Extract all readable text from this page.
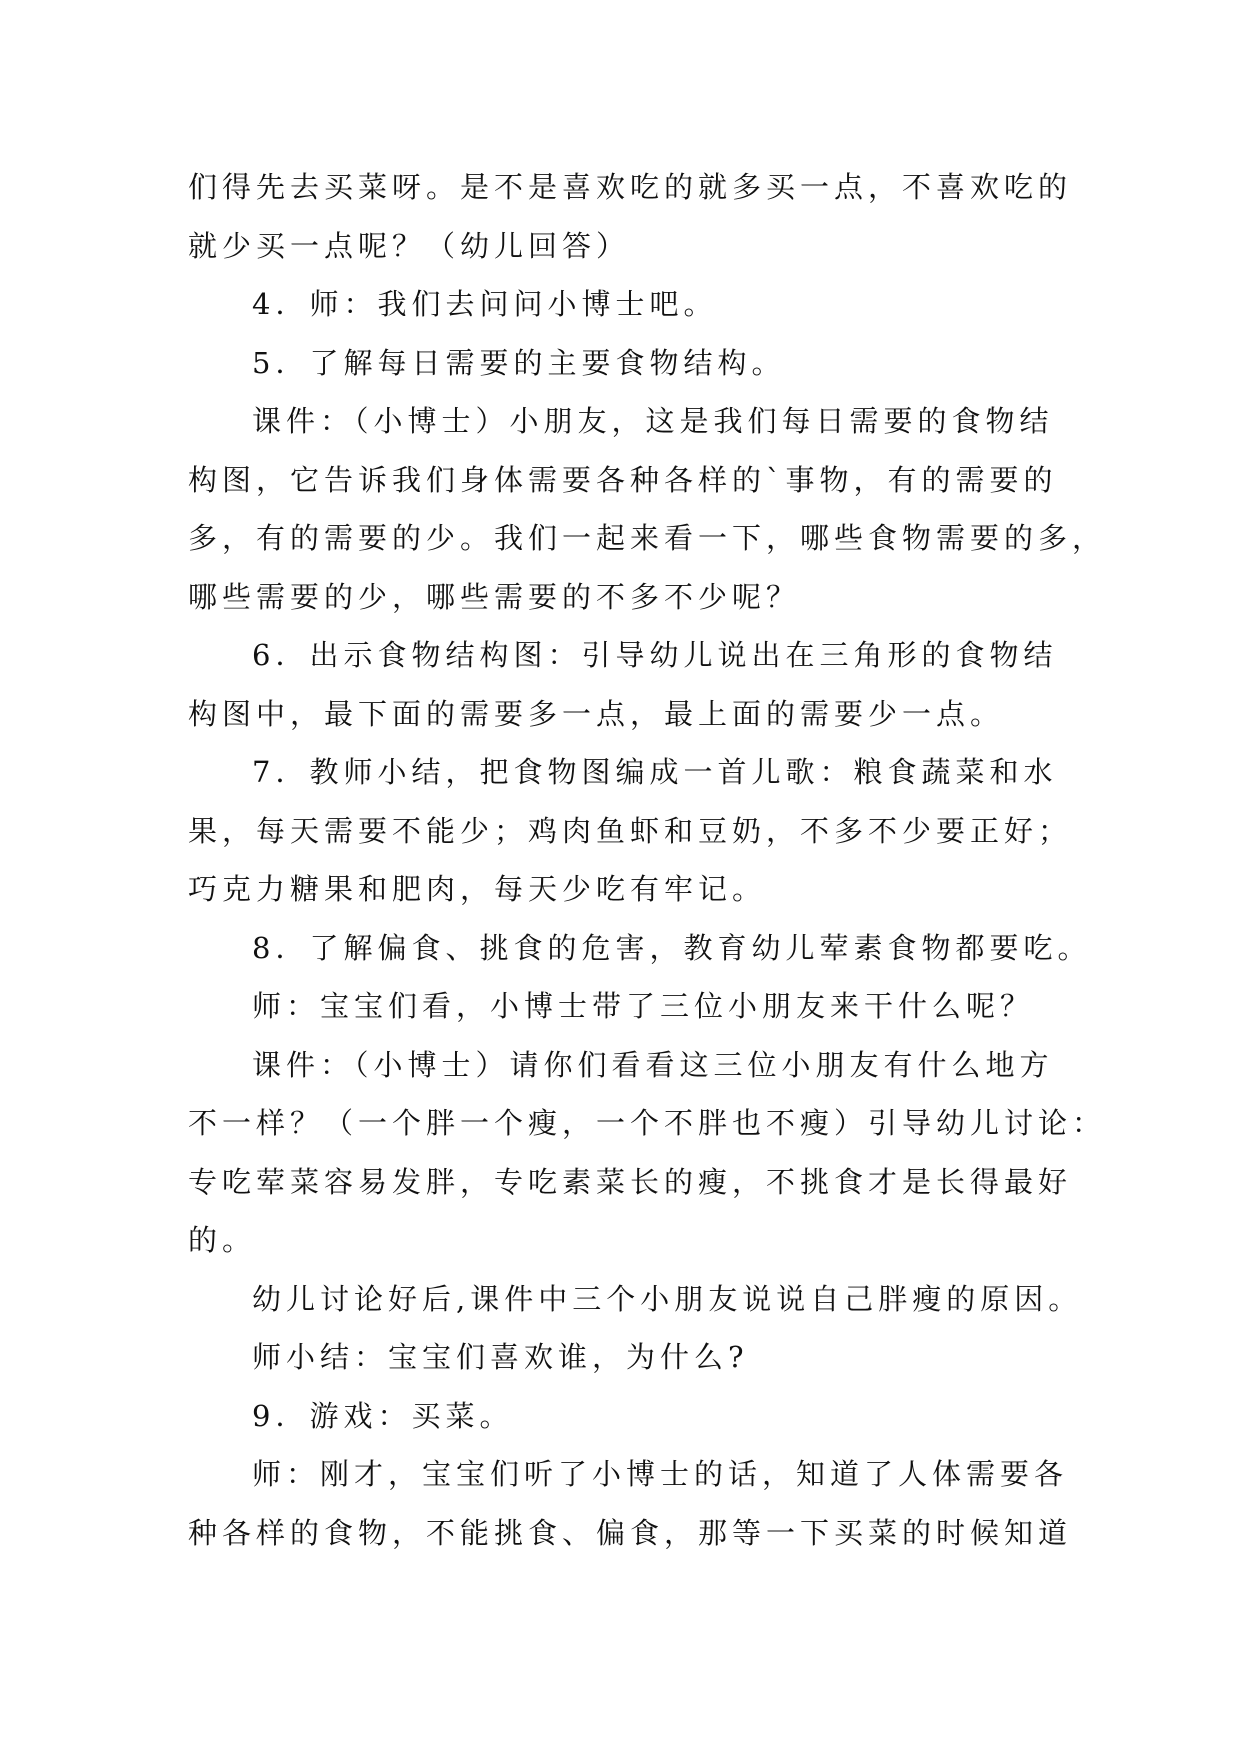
们得先去买菜呀。是不是喜欢吃的就多买一点，不喜欢吃的

就少买一点呢？（幼儿回答）

4．师：我们去问问小博士吧。

5．了解每日需要的主要食物结构。

课件：（小博士）小朋友，这是我们每日需要的食物结

构图，它告诉我们身体需要各种各样的`事物，有的需要的

多，有的需要的少。我们一起来看一下，哪些食物需要的多，

哪些需要的少，哪些需要的不多不少呢？

6．出示食物结构图：引导幼儿说出在三角形的食物结

构图中，最下面的需要多一点，最上面的需要少一点。

7．教师小结，把食物图编成一首儿歌：粮食蔬菜和水

果，每天需要不能少；鸡肉鱼虾和豆奶，不多不少要正好；

巧克力糖果和肥肉，每天少吃有牢记。

8．了解偏食、挑食的危害，教育幼儿荤素食物都要吃。

师：宝宝们看，小博士带了三位小朋友来干什么呢？

课件：（小博士）请你们看看这三位小朋友有什么地方

不一样？（一个胖一个瘦，一个不胖也不瘦）引导幼儿讨论：

专吃荤菜容易发胖，专吃素菜长的瘦，不挑食才是长得最好

的。

幼儿讨论好后,课件中三个小朋友说说自己胖瘦的原因。

师小结：宝宝们喜欢谁，为什么?

9．游戏：买菜。

师：刚才，宝宝们听了小博士的话，知道了人体需要各

种各样的食物，不能挑食、偏食，那等一下买菜的时候知道
